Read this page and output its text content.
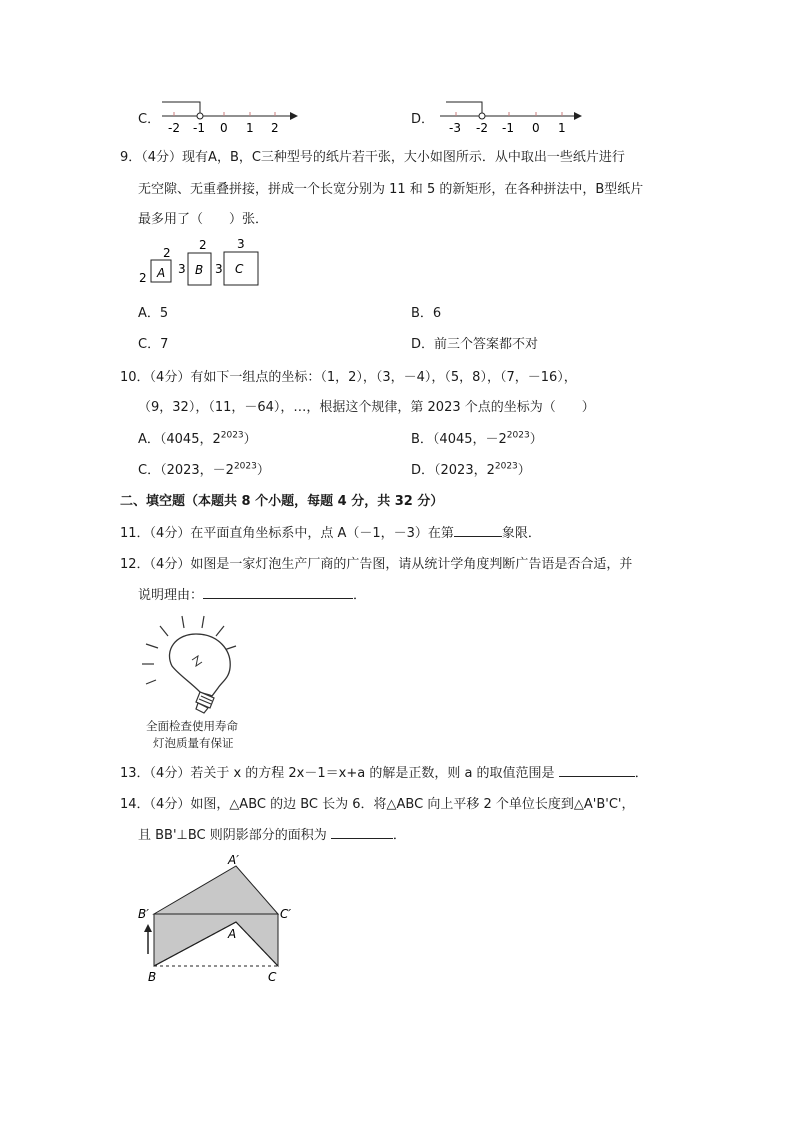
C．
-2 -1 0 1 2
D．
-3 -2 -1 0 1
9．（4分）现有A，B，C三种型号的纸片若干张，大小如图所示．从中取出一些纸片进行
无空隙、无重叠拼接，拼成一个长宽分别为 11 和 5 的新矩形，在各种拼法中，B型纸片
最多用了（　　）张．
2
2 A
2
3 B
3
3 C
A．5	B．6
C．7	D．前三个答案都不对
10．（4分）有如下一组点的坐标：（1，2），（3，－4），（5，8），（7，－16），
（9，32），（11，－64），…，根据这个规律，第 2023 个点的坐标为（　　）
A．（4045，$2^{2023}$）	B．（4045，$-2^{2023}$）
C．（2023，$-2^{2023}$）	D．（2023，$2^{2023}$）
二、填空题（本题共 8 个小题，每题 4 分，共 32 分）
11．（4分）在平面直角坐标系中，点 A（－1，－3）在第	象限．
12．（4分）如图是一家灯泡生产厂商的广告图，请从统计学角度判断广告语是否合适，并
说明理由：	．
全面检查使用寿命
灯泡质量有保证
13．（4分）若关于 x 的方程 2x－1＝x+a 的解是正数，则 a 的取值范围是	．
14．（4分）如图，△ABC 的边 BC 长为 6．将△ABC 向上平移 2 个单位长度到△A'B'C'，
且 BB'⊥BC 则阴影部分的面积为	．
A′
B′	C′
A
B	C
